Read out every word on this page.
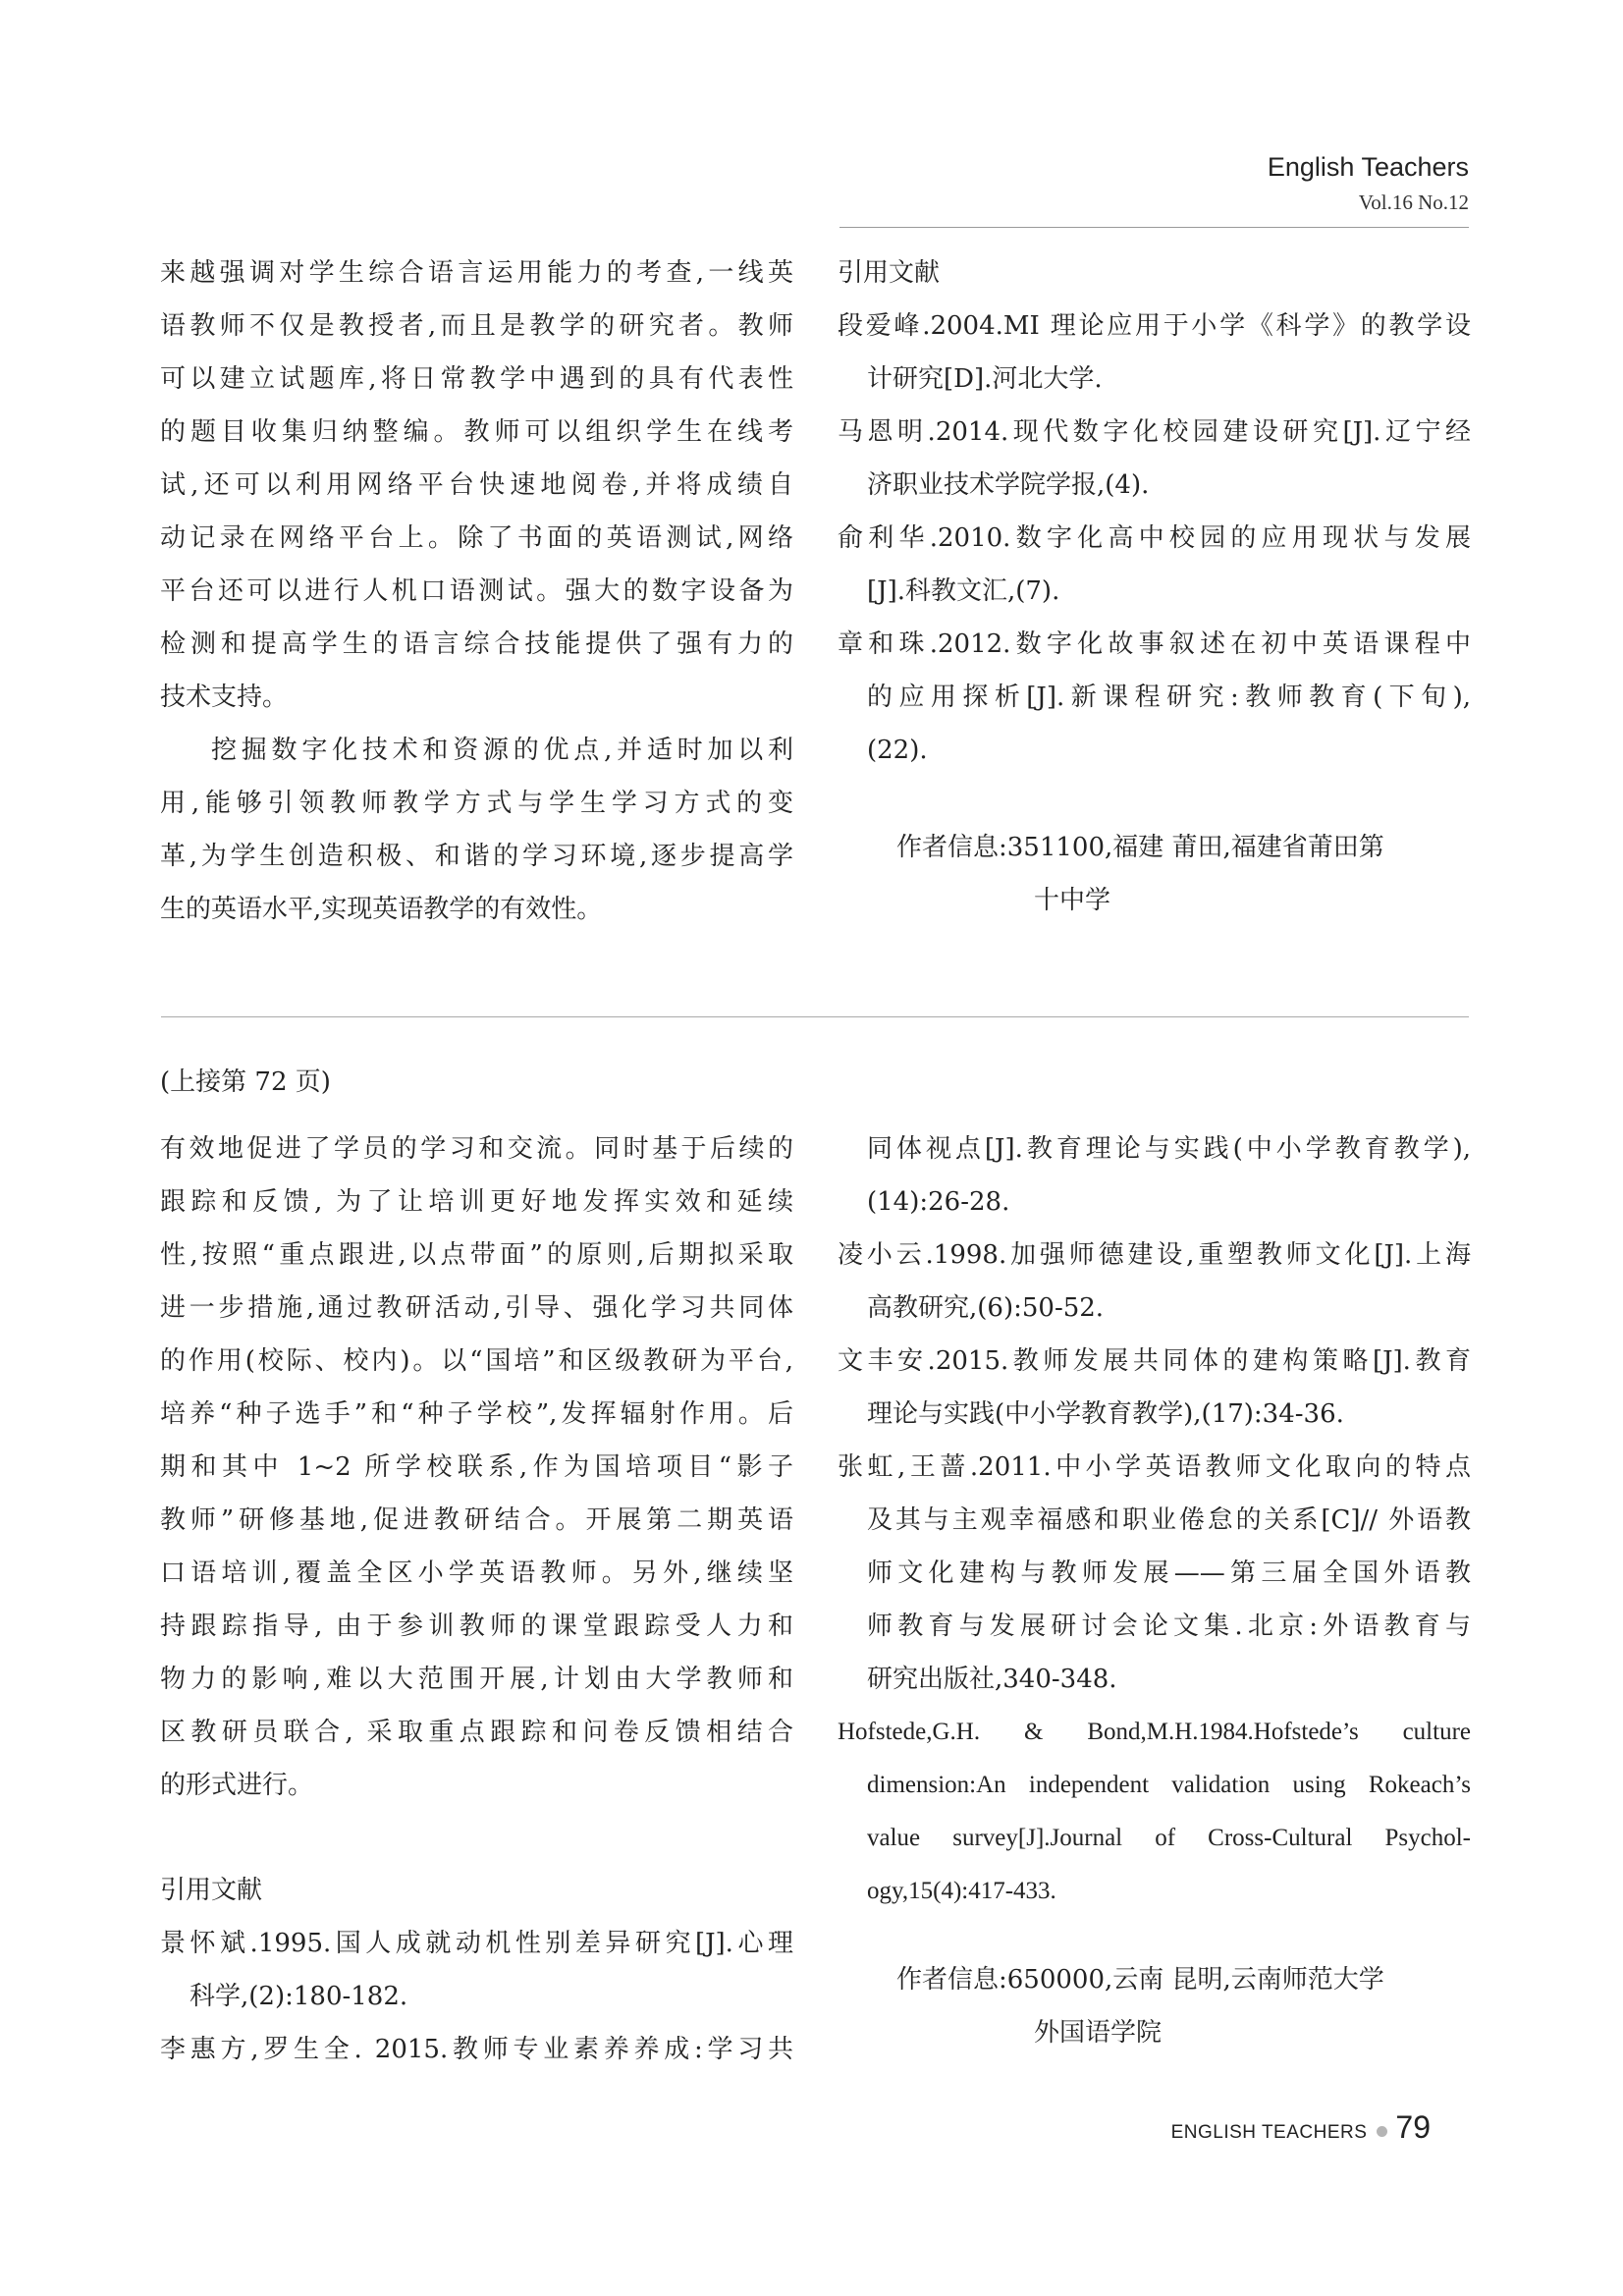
English Teachers
Vol.16 No.12
来越强调对学生综合语言运用能力的考查,一线英
语教师不仅是教授者,而且是教学的研究者。教师
可以建立试题库,将日常教学中遇到的具有代表性
的题目收集归纳整编。教师可以组织学生在线考
试,还可以利用网络平台快速地阅卷,并将成绩自
动记录在网络平台上。除了书面的英语测试,网络
平台还可以进行人机口语测试。强大的数字设备为
检测和提高学生的语言综合技能提供了强有力的
技术支持。
挖掘数字化技术和资源的优点,并适时加以利
用,能够引领教师教学方式与学生学习方式的变
革,为学生创造积极、和谐的学习环境,逐步提高学
生的英语水平,实现英语教学的有效性。
引用文献
段爱峰.2004.MI 理论应用于小学《科学》的教学设
计研究[D].河北大学.
马恩明.2014.现代数字化校园建设研究[J].辽宁经
济职业技术学院学报,(4).
俞利华.2010.数字化高中校园的应用现状与发展
[J].科教文汇,(7).
章和珠.2012.数字化故事叙述在初中英语课程中
的应用探析[J].新课程研究:教师教育(下旬),
(22).
作者信息:351100,福建 莆田,福建省莆田第
十中学
(上接第 72 页)
有效地促进了学员的学习和交流。同时基于后续的
跟踪和反馈, 为了让培训更好地发挥实效和延续
性,按照“重点跟进,以点带面”的原则,后期拟采取
进一步措施,通过教研活动,引导、强化学习共同体
的作用(校际、校内)。以“国培”和区级教研为平台,
培养“种子选手”和“种子学校”,发挥辐射作用。后
期和其中 1~2 所学校联系,作为国培项目“影子
教师”研修基地,促进教研结合。开展第二期英语
口语培训,覆盖全区小学英语教师。另外,继续坚
持跟踪指导, 由于参训教师的课堂跟踪受人力和
物力的影响,难以大范围开展,计划由大学教师和
区教研员联合, 采取重点跟踪和问卷反馈相结合
的形式进行。
引用文献
景怀斌.1995.国人成就动机性别差异研究[J].心理
科学,(2):180-182.
李惠方,罗生全. 2015.教师专业素养养成:学习共
同体视点[J].教育理论与实践(中小学教育教学),
(14):26-28.
凌小云.1998.加强师德建设,重塑教师文化[J].上海
高教研究,(6):50-52.
文丰安.2015.教师发展共同体的建构策略[J].教育
理论与实践(中小学教育教学),(17):34-36.
张虹,王蔷.2011.中小学英语教师文化取向的特点
及其与主观幸福感和职业倦怠的关系[C]// 外语教
师文化建构与教师发展——第三届全国外语教
师教育与发展研讨会论文集.北京:外语教育与
研究出版社,340-348.
Hofstede,G.H. & Bond,M.H.1984.Hofstede’s culture
dimension:An independent validation using Rokeach’s
value survey[J].Journal of Cross-Cultural Psychol-
ogy,15(4):417-433.
作者信息:650000,云南 昆明,云南师范大学
外国语学院
ENGLISH TEACHERS 79
